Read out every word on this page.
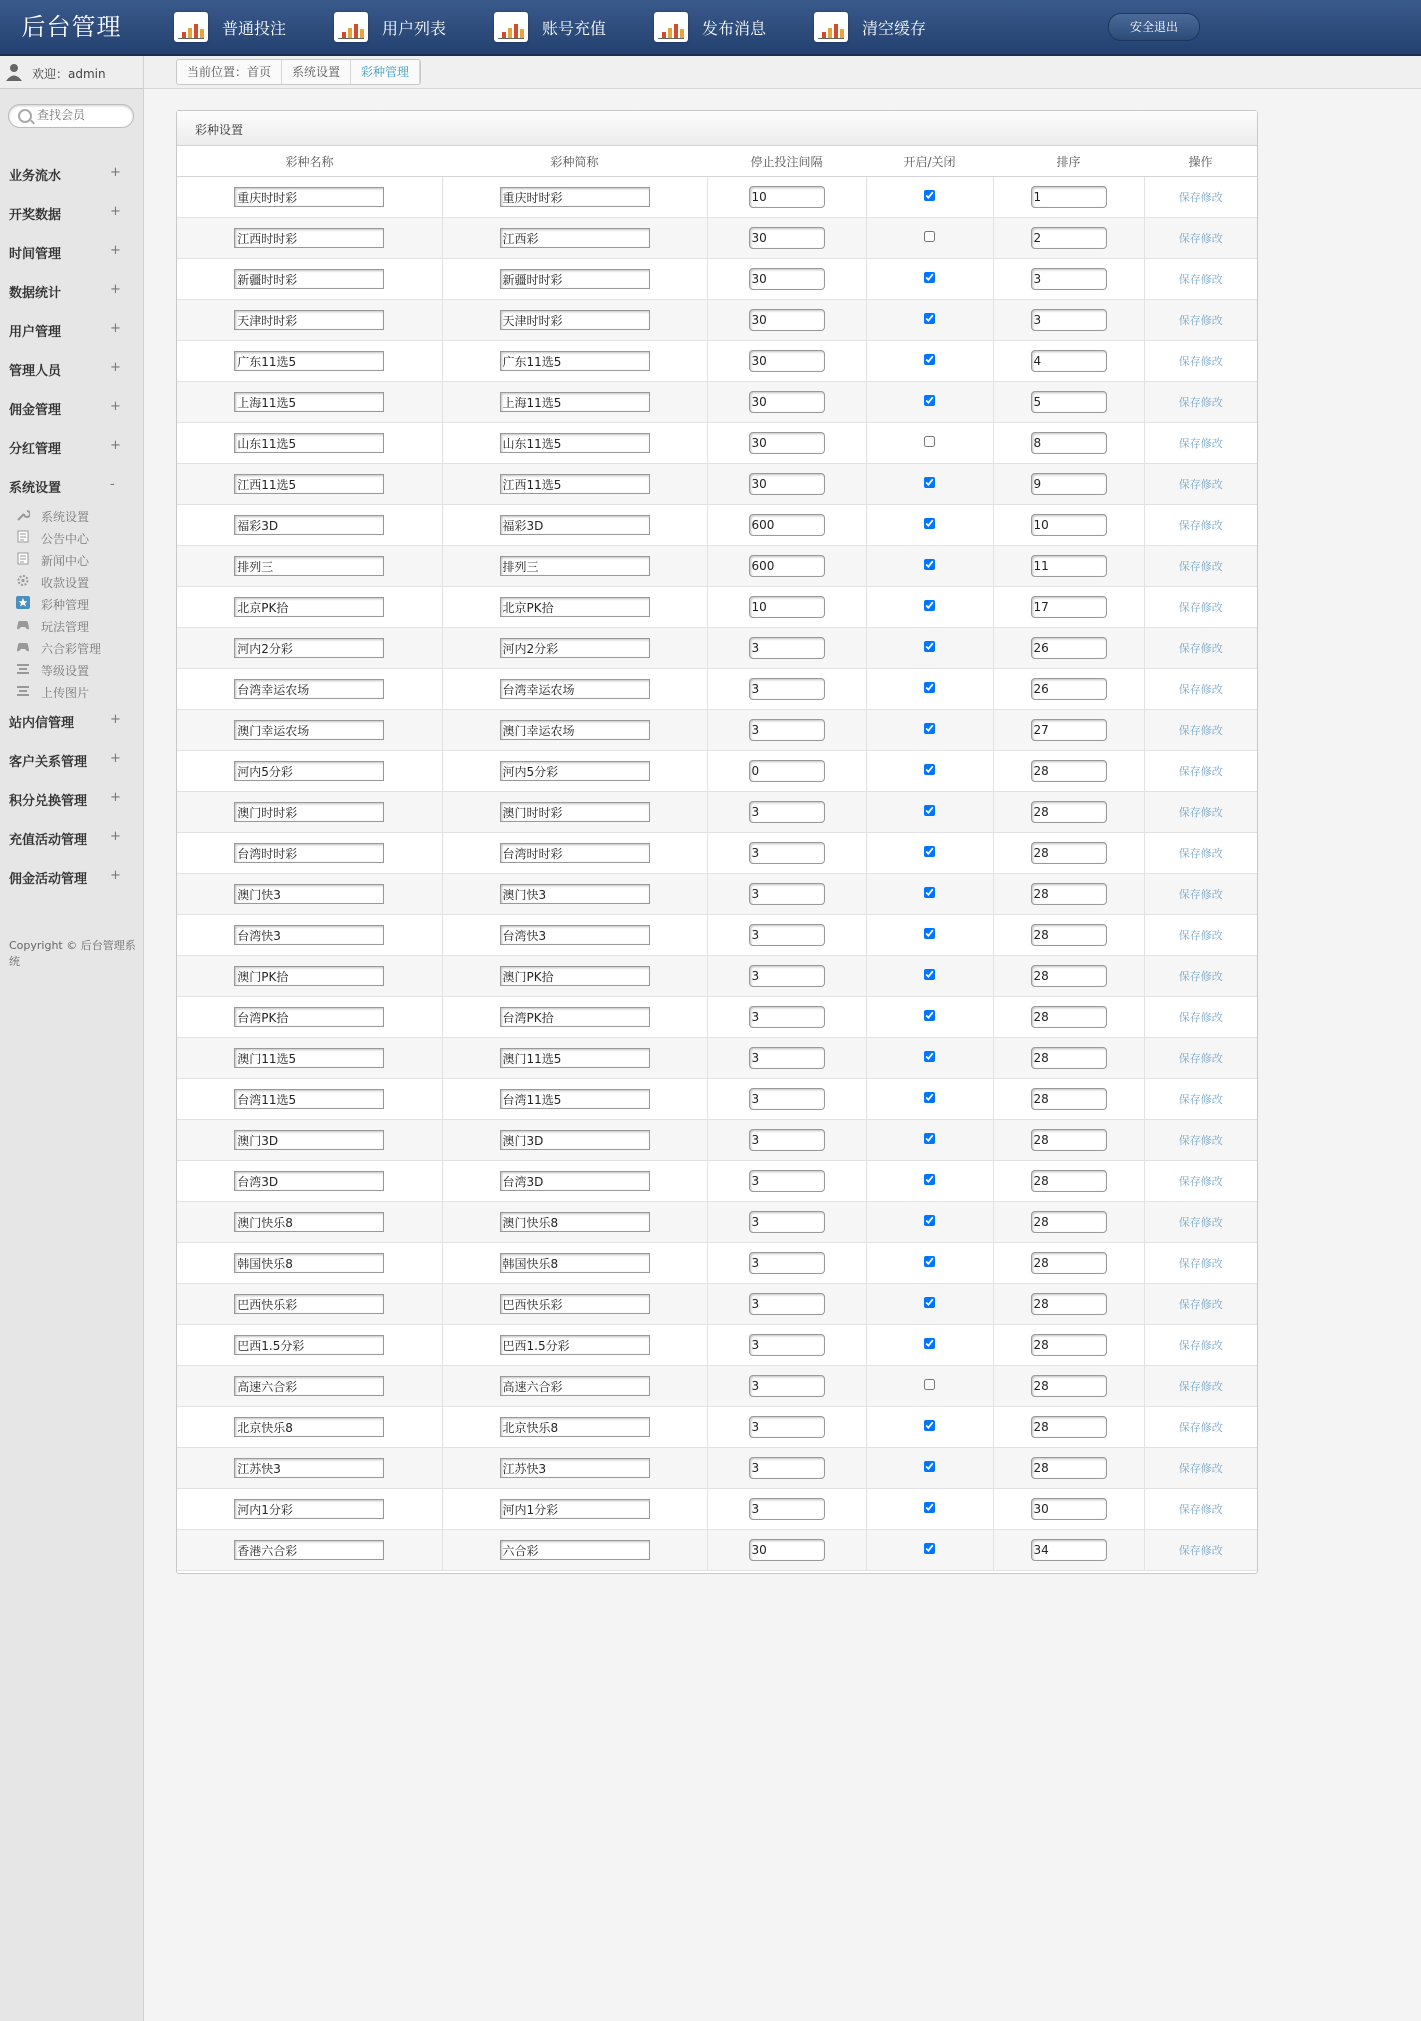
后台管理	安全退出
普通投注	用户列表	账号充值	发布消息	清空缓存
欢迎：admin
查找会员
Copyright © 后台管理系统
业务流水	+
开奖数据	+
时间管理	+
数据统计	+
用户管理	+
管理人员	+
佣金管理	+
分红管理	+
系统设置	-
系统设置
公告中心
新闻中心
收款设置
彩种管理
玩法管理
六合彩管理
等级设置
上传图片
站内信管理	+
客户关系管理 +
积分兑换管理 +
充值活动管理 +
佣金活动管理 +
当前位置：首页	系统设置	彩种管理
彩种设置
彩种名称	彩种简称	停止投注间隔	开启/关闭	排序	操作
重庆时时彩	重庆时时彩	10		1	保存修改
江西时时彩	江西彩	30		2	保存修改
新疆时时彩	新疆时时彩	30		3	保存修改
天津时时彩	天津时时彩	30		3	保存修改
广东11选5	广东11选5	30		4	保存修改
上海11选5	上海11选5	30		5	保存修改
山东11选5	山东11选5	30		8	保存修改
江西11选5	江西11选5	30		9	保存修改
福彩3D	福彩3D	600		10	保存修改
排列三	排列三	600		11	保存修改
北京PK拾	北京PK拾	10		17	保存修改
河内2分彩	河内2分彩	3		26	保存修改
台湾幸运农场	台湾幸运农场	3		26	保存修改
澳门幸运农场	澳门幸运农场	3		27	保存修改
河内5分彩	河内5分彩	0		28	保存修改
澳门时时彩	澳门时时彩	3		28	保存修改
台湾时时彩	台湾时时彩	3		28	保存修改
澳门快3	澳门快3	3		28	保存修改
台湾快3	台湾快3	3		28	保存修改
澳门PK拾	澳门PK拾	3		28	保存修改
台湾PK拾	台湾PK拾	3		28	保存修改
澳门11选5	澳门11选5	3		28	保存修改
台湾11选5	台湾11选5	3		28	保存修改
澳门3D	澳门3D	3		28	保存修改
台湾3D	台湾3D	3		28	保存修改
澳门快乐8	澳门快乐8	3		28	保存修改
韩国快乐8	韩国快乐8	3		28	保存修改
巴西快乐彩	巴西快乐彩	3		28	保存修改
巴西1.5分彩	巴西1.5分彩	3		28	保存修改
高速六合彩	高速六合彩	3		28	保存修改
北京快乐8	北京快乐8	3		28	保存修改
江苏快3	江苏快3	3		28	保存修改
河内1分彩	河内1分彩	3		30	保存修改
香港六合彩	六合彩	30		34	保存修改
